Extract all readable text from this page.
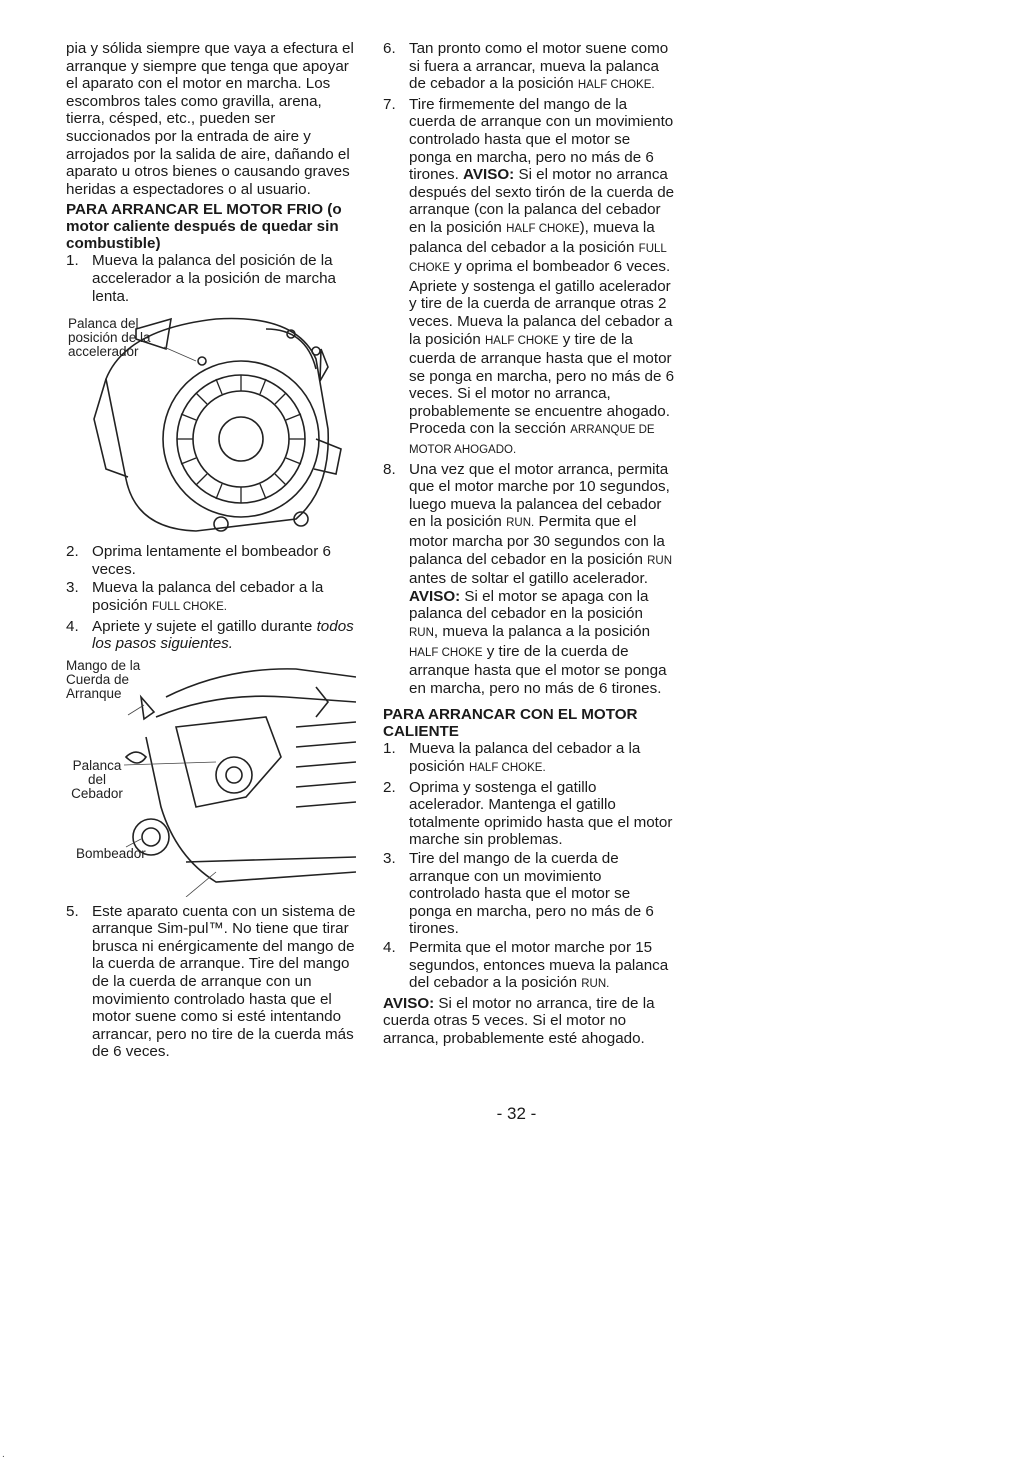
pia y sólida siempre que vaya a efectura el arranque y siempre que tenga que apoyar el aparato con el motor en marcha. Los escombros tales como gravilla, arena, tierra, césped, etc., pueden ser succionados por la entrada de aire y arrojados por la salida de aire, dañando el aparato u otros bienes o causando graves heridas a espectadores o al usuario.

PARA ARRANCAR EL MOTOR FRIO (o motor caliente después de quedar sin combustible)

1. Mueva la palanca del posición de la accelerador a la posición de marcha lenta.
Palanca del posición de la accelerador
2. Oprima lentamente el bombeador 6 veces.
3. Mueva la palanca del cebador a la posición FULL CHOKE.
4. Apriete y sujete el gatillo durante todos los pasos siguientes.
Mango de la Cuerda de Arranque
Palanca del Cebador
Bombeador
5. Este aparato cuenta con un sistema de arranque Sim-pul™. No tiene que tirar brusca ni enérgicamente del mango de la cuerda de arranque. Tire del mango de la cuerda de arranque con un movimiento controlado hasta que el motor suene como si esté intentando arrancar, pero no tire de la cuerda más de 6 veces.
6. Tan pronto como el motor suene como si fuera a arrancar, mueva la palanca de cebador a la posición HALF CHOKE.
7. Tire firmemente del mango de la cuerda de arranque con un movimiento controlado hasta que el motor se ponga en marcha, pero no más de 6 tirones. AVISO: Si el motor no arranca después del sexto tirón de la cuerda de arranque (con la palanca del cebador en la posición HALF CHOKE), mueva la palanca del cebador a la posición FULL CHOKE y oprima el bombeador 6 veces. Apriete y sostenga el gatillo acelerador y tire de la cuerda de arranque otras 2 veces. Mueva la palanca del cebador a la posición HALF CHOKE y tire de la cuerda de arranque hasta que el motor se ponga en marcha, pero no más de 6 veces. Si el motor no arranca, probablemente se encuentre ahogado. Proceda con la sección ARRANQUE DE MOTOR AHOGADO.
8. Una vez que el motor arranca, permita que el motor marche por 10 segundos, luego mueva la palancea del cebador en la posición RUN. Permita que el motor marcha por 30 segundos con la palanca del cebador en la posición RUN antes de soltar el gatillo acelerador. AVISO: Si el motor se apaga con la palanca del cebador en la posición RUN, mueva la palanca a la posición HALF CHOKE y tire de la cuerda de arranque hasta que el motor se ponga en marcha, pero no más de 6 tirones.

PARA ARRANCAR CON EL MOTOR CALIENTE

1. Mueva la palanca del cebador a la posición HALF CHOKE.
2. Oprima y sostenga el gatillo acelerador. Mantenga el gatillo totalmente oprimido hasta que el motor marche sin problemas.
3. Tire del mango de la cuerda de arranque con un movimiento controlado hasta que el motor se ponga en marcha, pero no más de 6 tirones.
4. Permita que el motor marche por 15 segundos, entonces mueva la palanca del cebador a la posición RUN.

AVISO: Si el motor no arranca, tire de la cuerda otras 5 veces. Si el motor no arranca, probablemente esté ahogado.

- 32 -
.
